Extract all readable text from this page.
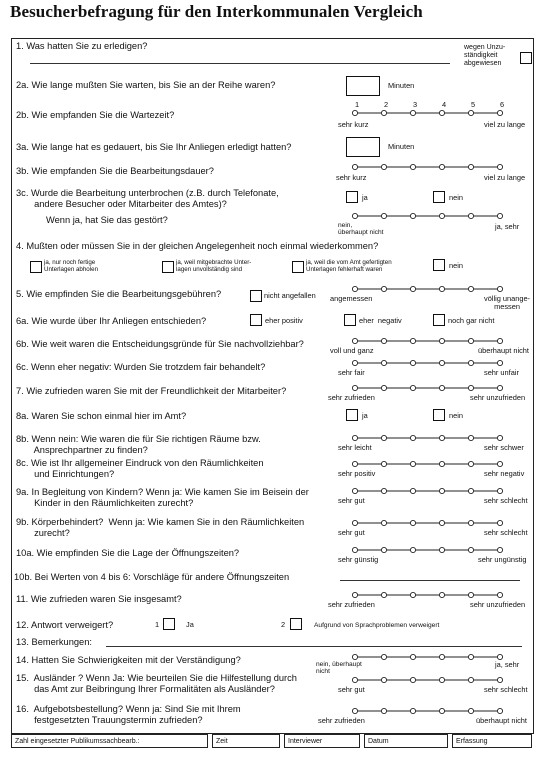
Besucherbefragung für den Interkommunalen Vergleich
1. Was hatten Sie zu erledigen?	wegen Unzu-
ständigkeit
abgewiesen
2a. Wie lange mußten Sie warten, bis Sie an der Reihe waren?	Minuten
1	2	3	4	5	6
2b. Wie empfanden Sie die Wartezeit?
sehr kurz	viel zu lange
3a. Wie lange hat es gedauert, bis Sie Ihr Anliegen erledigt hatten?	Minuten
3b. Wie empfanden Sie die Bearbeitungsdauer?
sehr kurz	viel zu lange
3c. Wurde die Bearbeitung unterbrochen (z.B. durch Telefonate,
andere Besucher oder Mitarbeiter des Amtes)?
ja	nein
Wenn ja, hat Sie das gestört?
nein,
überhaupt nicht
ja, sehr
4. Mußten oder müssen Sie in der gleichen Angelegenheit noch einmal wiederkommen?
ja, nur noch fertige
Unterlagen abholen
ja, weil mitgebrachte Unter-
lagen unvollständig sind
ja, weil die vom Amt gefertigten
Unterlagen fehlerhaft waren	nein
5. Wie empfinden Sie die Bearbeitungsgebühren?	nicht angefallen angemessen	völlig unange-
messen
6a. Wie wurde über Ihr Anliegen entschieden?	eher positiv	eher  negativ	noch gar nicht
6b. Wie weit waren die Entscheidungsgründe für Sie nachvollziehbar?
voll und ganz	überhaupt nicht
6c. Wenn eher negativ: Wurden Sie trotzdem fair behandelt?
sehr fair	sehr unfair
7. Wie zufrieden waren Sie mit der Freundlichkeit der Mitarbeiter?
sehr zufrieden	sehr unzufrieden
8a. Waren Sie schon einmal hier im Amt?	ja	nein
8b. Wenn nein: Wie waren die für Sie richtigen Räume bzw.
Ansprechpartner zu finden?	sehr leicht	sehr schwer
8c. Wie ist Ihr allgemeiner Eindruck von den Räumlichkeiten
und Einrichtungen?	sehr positiv	sehr negativ
9a. In Begleitung von Kindern? Wenn ja: Wie kamen Sie im Beisein der
Kinder in den Räumlichkeiten zurecht?	sehr gut	sehr schlecht
9b. Körperbehindert?  Wenn ja: Wie kamen Sie in den Räumlichkeiten
zurecht?	sehr gut	sehr schlecht
10a. Wie empfinden Sie die Lage der Öffnungszeiten?
sehr günstig	sehr ungünstig
10b. Bei Werten von 4 bis 6: Vorschläge für andere Öffnungszeiten
11. Wie zufrieden waren Sie insgesamt?
sehr zufrieden	sehr unzufrieden
12. Antwort verweigert?	1	Ja	2	Aufgrund von Sprachproblemen verweigert
13. Bemerkungen:
14. Hatten Sie Schwierigkeiten mit der Verständigung?	nein, überhaupt
nicht
ja, sehr
15.  Ausländer ? Wenn Ja: Wie beurteilen Sie die Hilfestellung durch
das Amt zur Beibringung Ihrer Formalitäten als Ausländer?	sehr gut	sehr schlecht
16.  Aufgebotsbestellung? Wenn ja: Sind Sie mit Ihrem
festgesetzten Trauungstermin zufrieden?	sehr zufrieden	überhaupt nicht
Zahl eingesetzter Publikumssachbearb.:	Zeit	Interviewer	Datum	Erfassung
